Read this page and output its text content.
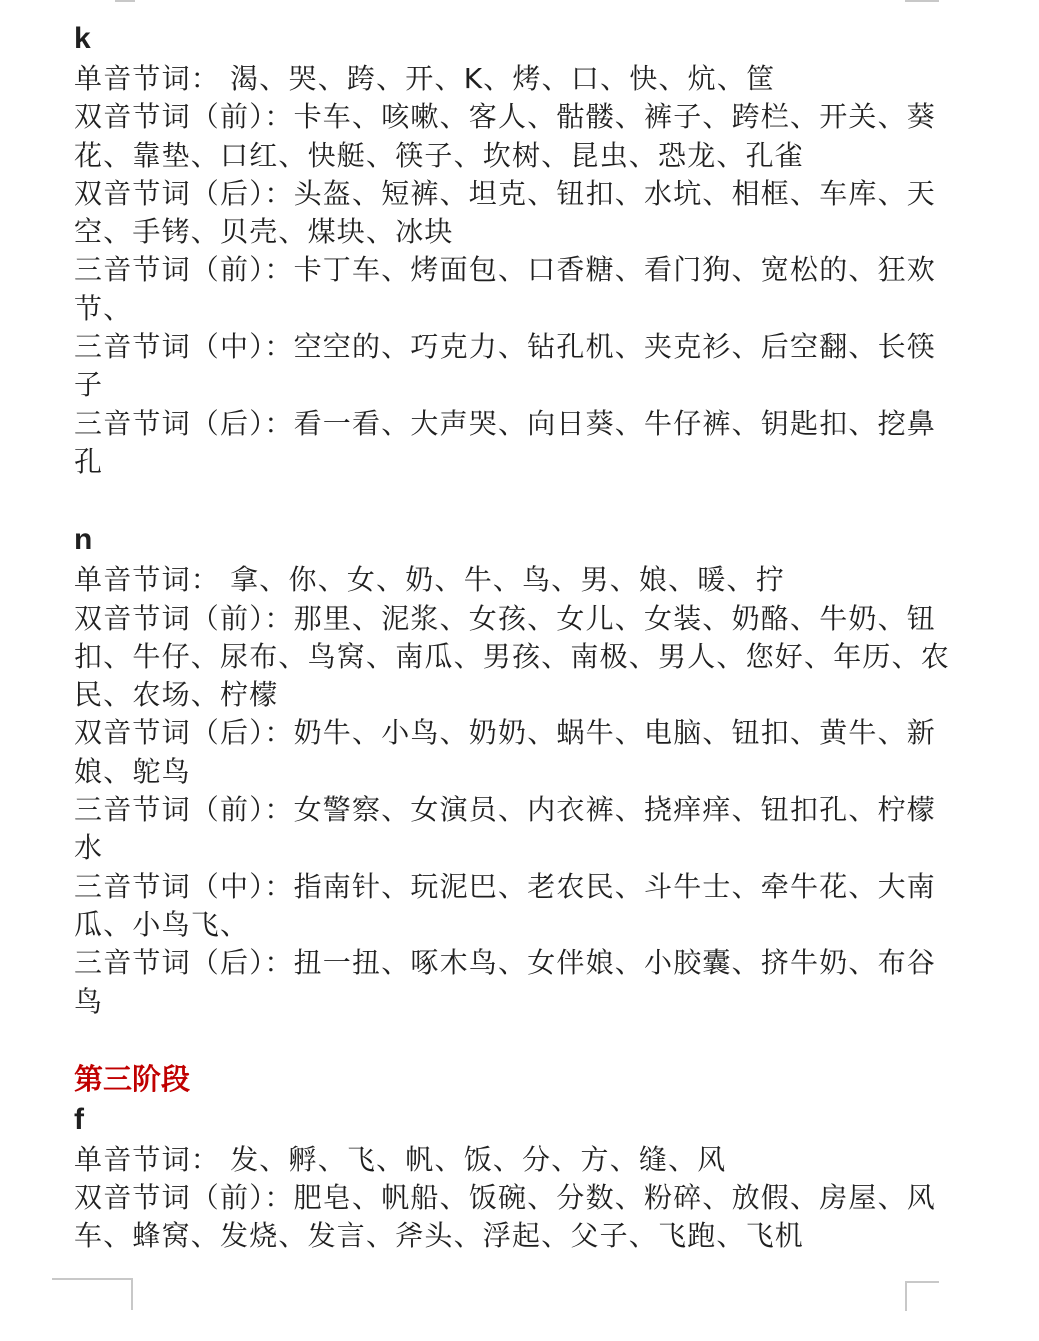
k

单音节词： 渴、哭、跨、开、K、烤、口、快、炕、筐

双音节词（前）：卡车、咳嗽、客人、骷髅、裤子、跨栏、开关、葵花、靠垫、口红、快艇、筷子、坎树、昆虫、恐龙、孔雀

双音节词（后）：头盔、短裤、坦克、钮扣、水坑、相框、车库、天空、手铐、贝壳、煤块、冰块

三音节词（前）：卡丁车、烤面包、口香糖、看门狗、宽松的、狂欢节、

三音节词（中）：空空的、巧克力、钻孔机、夹克衫、后空翻、长筷子

三音节词（后）：看一看、大声哭、向日葵、牛仔裤、钥匙扣、挖鼻孔

n

单音节词： 拿、你、女、奶、牛、鸟、男、娘、暖、拧

双音节词（前）：那里、泥浆、女孩、女儿、女装、奶酪、牛奶、钮扣、牛仔、尿布、鸟窝、南瓜、男孩、南极、男人、您好、年历、农民、农场、柠檬

双音节词（后）：奶牛、小鸟、奶奶、蜗牛、电脑、钮扣、黄牛、新娘、鸵鸟

三音节词（前）：女警察、女演员、内衣裤、挠痒痒、钮扣孔、柠檬水

三音节词（中）：指南针、玩泥巴、老农民、斗牛士、牵牛花、大南瓜、小鸟飞、

三音节词（后）：扭一扭、啄木鸟、女伴娘、小胶囊、挤牛奶、布谷鸟

第三阶段
f

单音节词： 发、孵、飞、帆、饭、分、方、缝、风

双音节词（前）：肥皂、帆船、饭碗、分数、粉碎、放假、房屋、风车、蜂窝、发烧、发言、斧头、浮起、父子、飞跑、飞机
